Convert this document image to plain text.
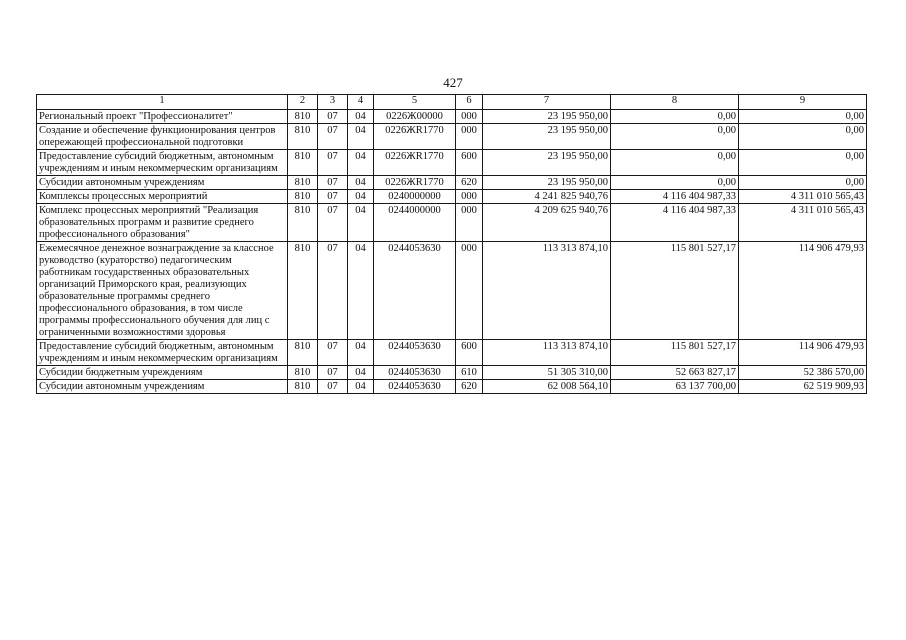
427
1	2	3	4	5	6	7	8	9
Региональный проект "Профессионалитет"	810	07	04	0226Ж00000	000	23 195 950,00	0,00	0,00
Создание и обеспечение функционирования центров опережающей профессиональной подготовки	810	07	04	0226ЖR1770	000	23 195 950,00	0,00	0,00
Предоставление субсидий бюджетным, автономным учреждениям и иным некоммерческим организациям	810	07	04	0226ЖR1770	600	23 195 950,00	0,00	0,00
Субсидии автономным учреждениям	810	07	04	0226ЖR1770	620	23 195 950,00	0,00	0,00
Комплексы процессных мероприятий	810	07	04	0240000000	000	4 241 825 940,76	4 116 404 987,33	4 311 010 565,43
Комплекс процессных мероприятий "Реализация образовательных программ и развитие среднего профессионального образования"	810	07	04	0244000000	000	4 209 625 940,76	4 116 404 987,33	4 311 010 565,43
Ежемесячное денежное вознаграждение за классное руководство (кураторство) педагогическим работникам государственных образовательных организаций Приморского края, реализующих образовательные программы среднего профессионального образования, в том числе программы профессионального обучения для лиц с ограниченными возможностями здоровья	810	07	04	0244053630	000	113 313 874,10	115 801 527,17	114 906 479,93
Предоставление субсидий бюджетным, автономным учреждениям и иным некоммерческим организациям	810	07	04	0244053630	600	113 313 874,10	115 801 527,17	114 906 479,93
Субсидии бюджетным учреждениям	810	07	04	0244053630	610	51 305 310,00	52 663 827,17	52 386 570,00
Субсидии автономным учреждениям	810	07	04	0244053630	620	62 008 564,10	63 137 700,00	62 519 909,93
